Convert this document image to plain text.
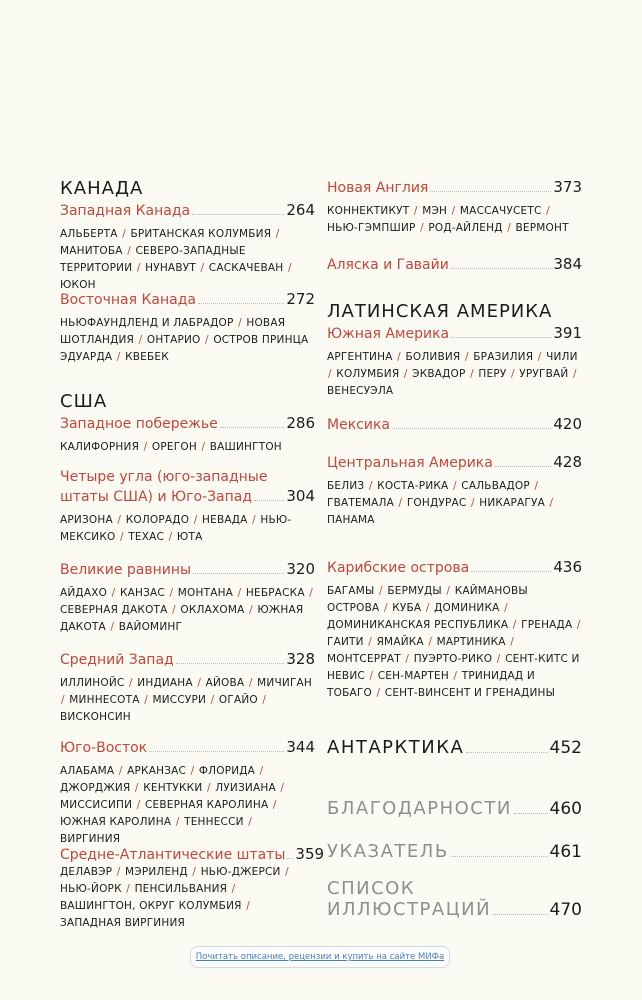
КАНАДА
Западная Канада	264
АЛЬБЕРТА / БРИТАНСКАЯ КОЛУМБИЯ / МАНИТОБА / СЕВЕРО-ЗАПАДНЫЕ ТЕРРИТОРИИ / НУНАВУТ / САСКАЧЕВАН / ЮКОН
Восточная Канада	272
НЬЮФАУНДЛЕНД И ЛАБРАДОР / НОВАЯ ШОТЛАНДИЯ / ОНТАРИО / ОСТРОВ ПРИНЦА ЭДУАРДА / КВЕБЕК
США
Западное побережье	286
КАЛИФОРНИЯ / ОРЕГОН / ВАШИНГТОН
Четыре угла (юго-западные
штаты США) и Юго-Запад 304
АРИЗОНА / КОЛОРАДО / НЕВАДА / НЬЮ-МЕКСИКО / ТЕХАС / ЮТА
Великие равнины	320
АЙДАХО / КАНЗАС / МОНТАНА / НЕБРАСКА / СЕВЕРНАЯ ДАКОТА / ОКЛАХОМА / ЮЖНАЯ ДАКОТА / ВАЙОМИНГ
Средний Запад	328
ИЛЛИНОЙС / ИНДИАНА / АЙОВА / МИЧИГАН / МИННЕСОТА / МИССУРИ / ОГАЙО / ВИСКОНСИН
Юго-Восток	344
АЛАБАМА / АРКАНЗАС / ФЛОРИДА / ДЖОРДЖИЯ / КЕНТУККИ / ЛУИЗИАНА / МИССИСИПИ / СЕВЕРНАЯ КАРОЛИНА / ЮЖНАЯ КАРОЛИНА / ТЕННЕССИ / ВИРГИНИЯ
Средне-Атлантические штаты 359
ДЕЛАВЭР / МЭРИЛЕНД / НЬЮ-ДЖЕРСИ / НЬЮ-ЙОРК / ПЕНСИЛЬВАНИЯ / ВАШИНГТОН, ОКРУГ КОЛУМБИЯ / ЗАПАДНАЯ ВИРГИНИЯ
Новая Англия	373
КОННЕКТИКУТ / МЭН / МАССАЧУСЕТС / НЬЮ-ГЭМПШИР / РОД-АЙЛЕНД / ВЕРМОНТ
Аляска и Гавайи	384
ЛАТИНСКАЯ АМЕРИКА
Южная Америка	391
АРГЕНТИНА / БОЛИВИЯ / БРАЗИЛИЯ / ЧИЛИ / КОЛУМБИЯ / ЭКВАДОР / ПЕРУ / УРУГВАЙ / ВЕНЕСУЭЛА
Мексика	420
Центральная Америка	428
БЕЛИЗ / КОСТА-РИКА / САЛЬВАДОР / ГВАТЕМАЛА / ГОНДУРАС / НИКАРАГУА / ПАНАМА
Карибские острова	436
БАГАМЫ / БЕРМУДЫ / КАЙМАНОВЫ ОСТРОВА / КУБА / ДОМИНИКА / ДОМИНИКАНСКАЯ РЕСПУБЛИКА / ГРЕНАДА / ГАИТИ / ЯМАЙКА / МАРТИНИКА / МОНТСЕРРАТ / ПУЭРТО-РИКО / СЕНТ-КИТС И НЕВИС / СЕН-МАРТЕН / ТРИНИДАД И ТОБАГО / СЕНТ-ВИНСЕНТ И ГРЕНАДИНЫ
АНТАРКТИКА	452
БЛАГОДАРНОСТИ 460
УКАЗАТЕЛЬ	461
СПИСОК
ИЛЛЮСТРАЦИЙ	470
Почитать описание, рецензии и купить на сайте МИФа
